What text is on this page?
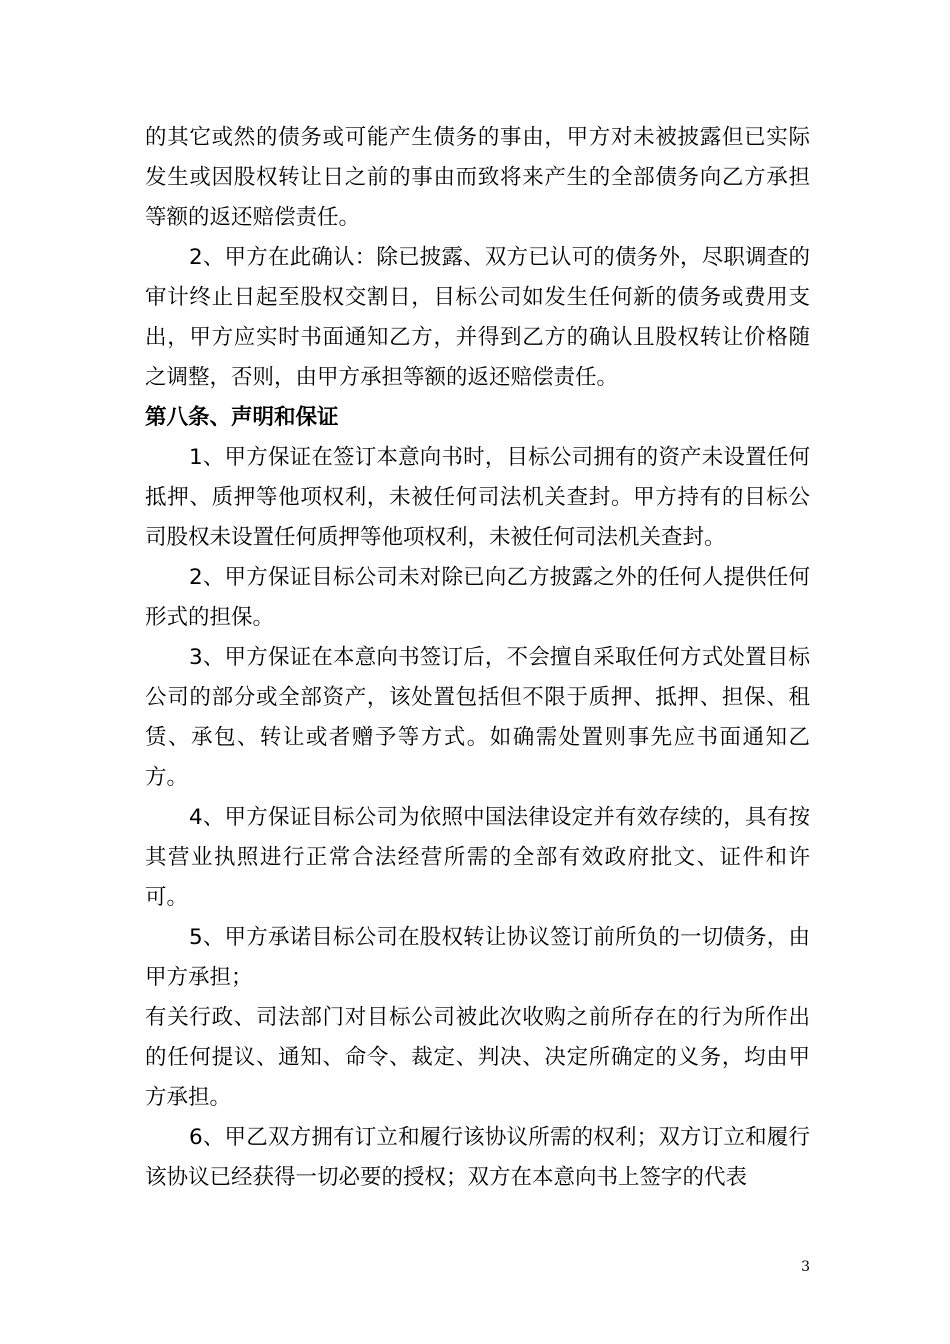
的其它或然的债务或可能产生债务的事由，甲方对未被披露但已实际发生或因股权转让日之前的事由而致将来产生的全部债务向乙方承担等额的返还赔偿责任。

2、甲方在此确认：除已披露、双方已认可的债务外，尽职调查的审计终止日起至股权交割日，目标公司如发生任何新的债务或费用支出，甲方应实时书面通知乙方，并得到乙方的确认且股权转让价格随之调整，否则，由甲方承担等额的返还赔偿责任。

第八条、声明和保证

1、甲方保证在签订本意向书时，目标公司拥有的资产未设置任何抵押、质押等他项权利，未被任何司法机关查封。甲方持有的目标公司股权未设置任何质押等他项权利，未被任何司法机关查封。

2、甲方保证目标公司未对除已向乙方披露之外的任何人提供任何形式的担保。

3、甲方保证在本意向书签订后，不会擅自采取任何方式处置目标公司的部分或全部资产，该处置包括但不限于质押、抵押、担保、租赁、承包、转让或者赠予等方式。如确需处置则事先应书面通知乙方。

4、甲方保证目标公司为依照中国法律设定并有效存续的，具有按其营业执照进行正常合法经营所需的全部有效政府批文、证件和许可。

5、甲方承诺目标公司在股权转让协议签订前所负的一切债务，由甲方承担；

有关行政、司法部门对目标公司被此次收购之前所存在的行为所作出的任何提议、通知、命令、裁定、判决、决定所确定的义务，均由甲方承担。

6、甲乙双方拥有订立和履行该协议所需的权利；双方订立和履行该协议已经获得一切必要的授权；双方在本意向书上签字的代表

3
